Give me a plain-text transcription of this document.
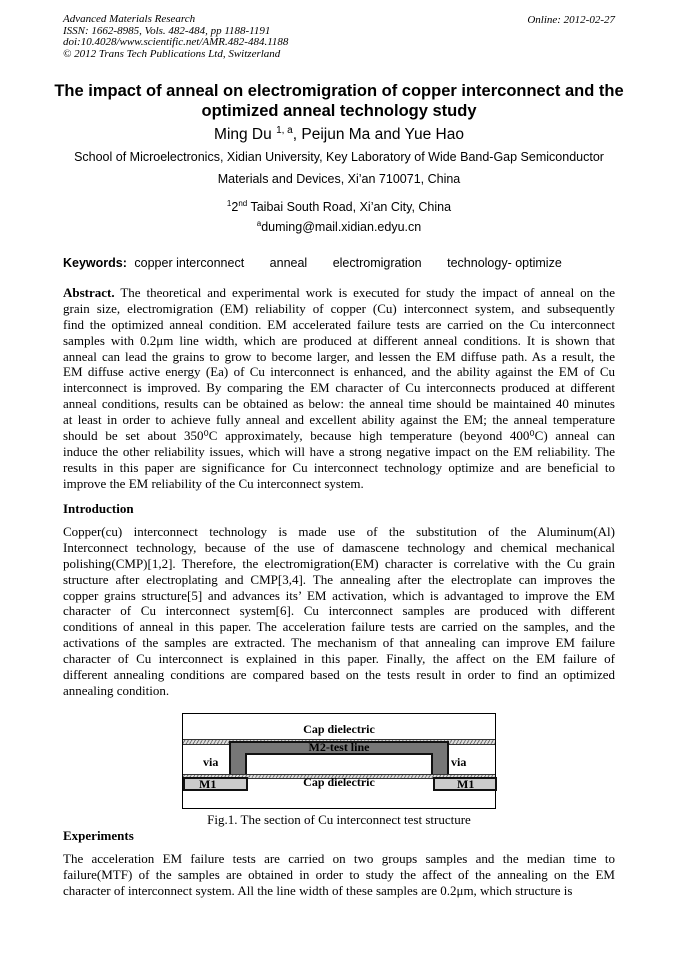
Advanced Materials Research
ISSN: 1662-8985, Vols. 482-484, pp 1188-1191
doi:10.4028/www.scientific.net/AMR.482-484.1188
© 2012 Trans Tech Publications Ltd, Switzerland
Online: 2012-02-27
The impact of anneal on electromigration of copper interconnect and the optimized anneal technology study
Ming Du $^{1, a}$, Peijun Ma and Yue Hao
School of Microelectronics, Xidian University, Key Laboratory of Wide Band-Gap Semiconductor
Materials and Devices, Xi’an 710071, China
$^1$2nd Taibai South Road, Xi’an City, China
$^a$duming@mail.xidian.edyu.cn
Keywords: copper interconnect anneal electromigration technology- optimize
Abstract. The theoretical and experimental work is executed for study the impact of anneal on the
grain size, electromigration (EM) reliability of copper (Cu) interconnect system, and subsequently
find the optimized anneal condition. EM accelerated failure tests are carried on the Cu interconnect
samples with 0.2μm line width, which are produced at different anneal conditions. It is shown that
anneal can lead the grains to grow to become larger, and lessen the EM diffuse path. As a result, the
EM diffuse active energy (Ea) of Cu interconnect is enhanced, and the ability against the EM of Cu
interconnect is improved. By comparing the EM character of Cu interconnects produced at different
anneal conditions, results can be obtained as below: the anneal time should be maintained 40 minutes
at least in order to achieve fully anneal and excellent ability against the EM; the anneal temperature
should be set about 350⁰C approximately, because high temperature (beyond 400⁰C) anneal can
induce the other reliability issues, which will have a strong negative impact on the EM reliability. The
results in this paper are significance for Cu interconnect technology optimize and are beneficial to
improve the EM reliability of the Cu interconnect system.
Introduction
Copper(cu) interconnect technology is made use of the substitution of the Aluminum(Al)
Interconnect technology, because of the use of damascene technology and chemical mechanical
polishing(CMP)[1,2]. Therefore, the electromigration(EM) character is correlative with the Cu grain
structure after electroplating and CMP[3,4]. The annealing after the electroplate can improves the
copper grains structure[5] and advances its’ EM activation, which is advantaged to improve the EM
character of Cu interconnect system[6]. Cu interconnect samples are produced with different
conditions of anneal in this paper. The acceleration failure tests are carried on the samples, and the
activations of the samples are extracted. The mechanism of that annealing can improve EM failure
character of Cu interconnect is explained in this paper. Finally, the affect on the EM failure of
different annealing conditions are compared based on the tests result in order to find an optimized
annealing condition.
Cap dielectric
M2-test line
via	via
M1	M1
Cap dielectric
Fig.1. The section of Cu interconnect test structure
Experiments
The acceleration EM failure tests are carried on two groups samples and the median time to
failure(MTF) of the samples are obtained in order to study the affect of the annealing on the EM
character of interconnect system. All the line width of these samples are 0.2μm, which structure is
